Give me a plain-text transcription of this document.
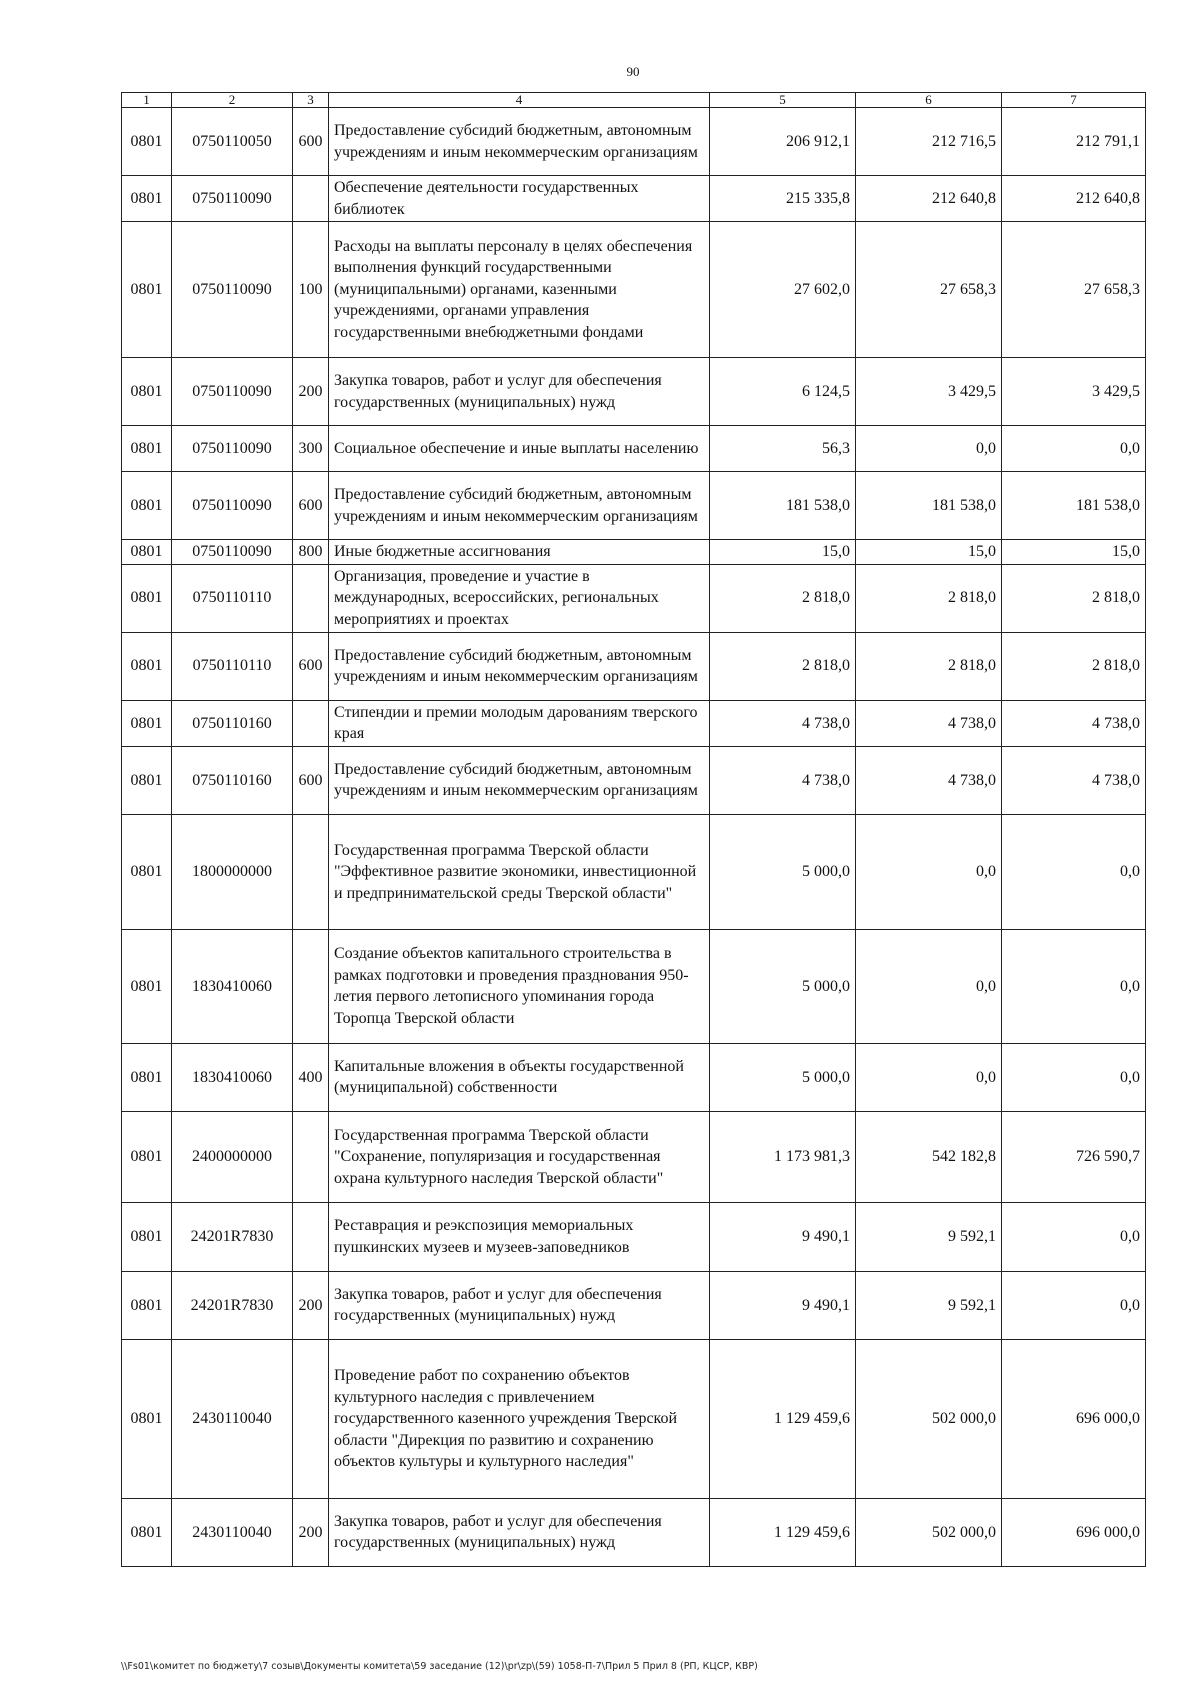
90
1	2	3	4	5	6	7
0801	0750110050	600	Предоставление субсидий бюджетным, автономным учреждениям и иным некоммерческим организациям	206 912,1	212 716,5	212 791,1
0801	0750110090		Обеспечение деятельности государственных библиотек	215 335,8	212 640,8	212 640,8
0801	0750110090	100	Расходы на выплаты персоналу в целях обеспечения выполнения функций государственными (муниципальными) органами, казенными учреждениями, органами управления государственными внебюджетными фондами	27 602,0	27 658,3	27 658,3
0801	0750110090	200	Закупка товаров, работ и услуг для обеспечения государственных (муниципальных) нужд	6 124,5	3 429,5	3 429,5
0801	0750110090	300	Социальное обеспечение и иные выплаты населению	56,3	0,0	0,0
0801	0750110090	600	Предоставление субсидий бюджетным, автономным учреждениям и иным некоммерческим организациям	181 538,0	181 538,0	181 538,0
0801	0750110090	800	Иные бюджетные ассигнования	15,0	15,0	15,0
0801	0750110110		Организация, проведение и участие в международных, всероссийских, региональных мероприятиях и проектах	2 818,0	2 818,0	2 818,0
0801	0750110110	600	Предоставление субсидий бюджетным, автономным учреждениям и иным некоммерческим организациям	2 818,0	2 818,0	2 818,0
0801	0750110160		Стипендии и премии молодым дарованиям тверского края	4 738,0	4 738,0	4 738,0
0801	0750110160	600	Предоставление субсидий бюджетным, автономным учреждениям и иным некоммерческим организациям	4 738,0	4 738,0	4 738,0
0801	1800000000		Государственная программа Тверской области "Эффективное развитие экономики, инвестиционной и предпринимательской среды Тверской области"	5 000,0	0,0	0,0
0801	1830410060		Создание объектов капитального строительства в рамках подготовки и проведения празднования 950-летия первого летописного упоминания города Торопца Тверской области	5 000,0	0,0	0,0
0801	1830410060	400	Капитальные вложения в объекты государственной (муниципальной) собственности	5 000,0	0,0	0,0
0801	2400000000		Государственная программа Тверской области "Сохранение, популяризация и государственная охрана культурного наследия Тверской области"	1 173 981,3	542 182,8	726 590,7
0801	24201R7830		Реставрация и реэкспозиция мемориальных пушкинских музеев и музеев-заповедников	9 490,1	9 592,1	0,0
0801	24201R7830	200	Закупка товаров, работ и услуг для обеспечения государственных (муниципальных) нужд	9 490,1	9 592,1	0,0
0801	2430110040		Проведение работ по сохранению объектов культурного наследия с привлечением государственного казенного учреждения Тверской области "Дирекция по развитию и сохранению объектов культуры и культурного наследия"	1 129 459,6	502 000,0	696 000,0
0801	2430110040	200	Закупка товаров, работ и услуг для обеспечения государственных (муниципальных) нужд	1 129 459,6	502 000,0	696 000,0
\\Fs01\комитет по бюджету\7 созыв\Документы комитета\59 заседание (12)\pr\zp\(59) 1058-П-7\Прил 5 Прил 8 (РП, КЦСР, КВР)
